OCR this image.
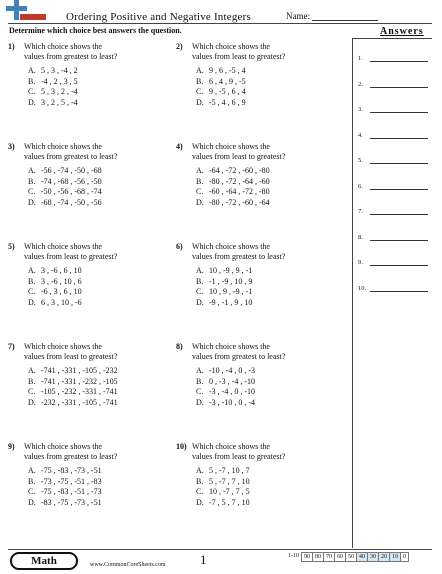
Ordering Positive and Negative Integers	Name:
Determine which choice best answers the question.	Answers
1.
2.
3.
4.
5.
6.
7.
8.
9.
10.
1) Which choice shows the
values from greatest to least?
A. 5 , 3 , -4 , 2
B. -4 , 2 , 3 , 5
C. 5 , 3 , 2 , -4
D. 3 , 2 , 5 , -4
2) Which choice shows the
values from least to greatest?
A. 9 , 6 , -5 , 4
B. 6 , 4 , 9 , -5
C. 9 , -5 , 6 , 4
D. -5 , 4 , 6 , 9
3) Which choice shows the
values from greatest to least?
A. -56 , -74 , -50 , -68
B. -74 , -68 , -56 , -50
C. -50 , -56 , -68 , -74
D. -68 , -74 , -50 , -56
4) Which choice shows the
values from least to greatest?
A. -64 , -72 , -60 , -80
B. -80 , -72 , -64 , -60
C. -60 , -64 , -72 , -80
D. -80 , -72 , -60 , -64
5) Which choice shows the
values from least to greatest?
A. 3 , -6 , 6 , 10
B. 3 , -6 , 10 , 6
C. -6 , 3 , 6 , 10
D. 6 , 3 , 10 , -6
6) Which choice shows the
values from greatest to least?
A. 10 , -9 , 9 , -1
B. -1 , -9 , 10 , 9
C. 10 , 9 , -9 , -1
D. -9 , -1 , 9 , 10
7) Which choice shows the
values from least to greatest?
A. -741 , -331 , -105 , -232
B. -741 , -331 , -232 , -105
C. -105 , -232 , -331 , -741
D. -232 , -331 , -105 , -741
8) Which choice shows the
values from greatest to least?
A. -10 , -4 , 0 , -3
B. 0 , -3 , -4 , -10
C. -3 , -4 , 0 , -10
D. -3 , -10 , 0 , -4
9) Which choice shows the
values from greatest to least?
A. -75 , -83 , -73 , -51
B. -73 , -75 , -51 , -83
C. -75 , -83 , -51 , -73
D. -83 , -75 , -73 , -51
10) Which choice shows the
values from least to greatest?
A. 5 , -7 , 10 , 7
B. 5 , -7 , 7 , 10
C. 10 , -7 , 7 , 5
D. -7 , 5 , 7 , 10
Math	www.CommonCoreSheets.com	1	1-10 90 80 70 60 50 40 30 20 10 0
